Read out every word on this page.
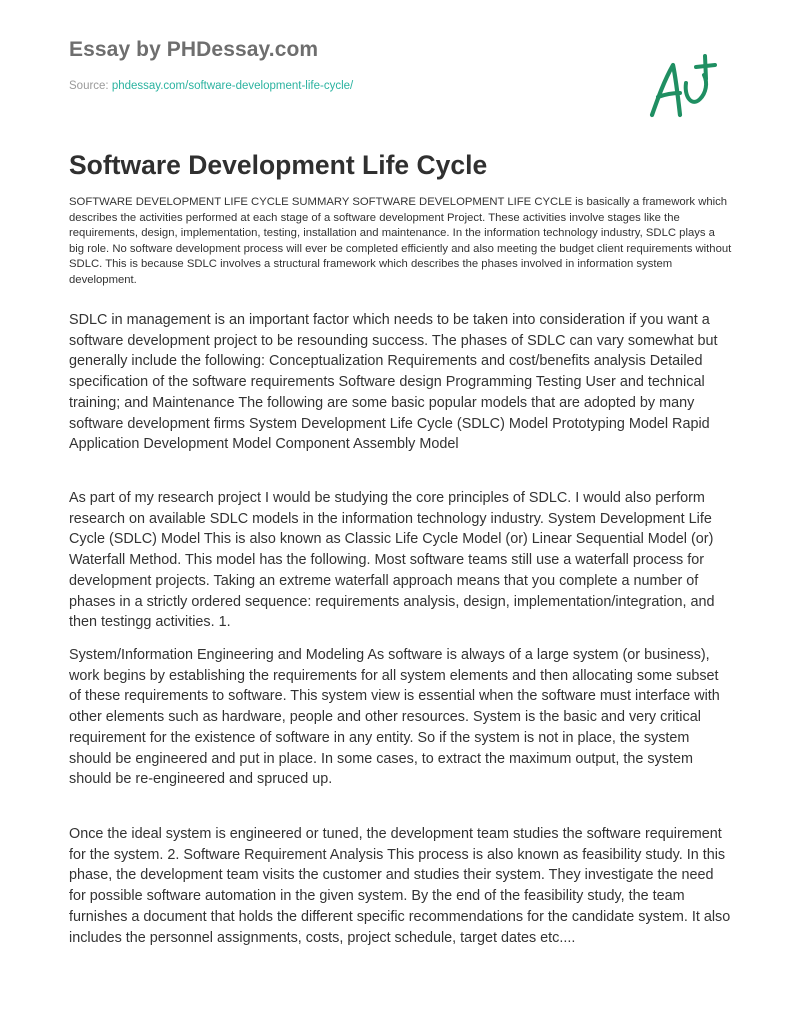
Essay by PHDessay.com
Source: phdessay.com/software-development-life-cycle/
Software Development Life Cycle

SOFTWARE DEVELOPMENT LIFE CYCLE SUMMARY SOFTWARE DEVELOPMENT LIFE CYCLE is basically a framework which describes the activities performed at each stage of a software development Project. These activities involve stages like the requirements, design, implementation, testing, installation and maintenance. In the information technology industry, SDLC plays a big role. No software development process will ever be completed efficiently and also meeting the budget client requirements without SDLC. This is because SDLC involves a structural framework which describes the phases involved in information system development.

SDLC in management is an important factor which needs to be taken into consideration if you want a software development project to be resounding success. The phases of SDLC can vary somewhat but generally include the following: Conceptualization Requirements and cost/benefits analysis Detailed specification of the software requirements Software design Programming Testing User and technical training; and Maintenance The following are some basic popular models that are adopted by many software development firms System Development Life Cycle (SDLC) Model Prototyping Model Rapid Application Development Model Component Assembly Model

As part of my research project I would be studying the core principles of SDLC. I would also perform research on available SDLC models in the information technology industry. System Development Life Cycle (SDLC) Model This is also known as Classic Life Cycle Model (or) Linear Sequential Model (or) Waterfall Method. This model has the following. Most software teams still use a waterfall process for development projects. Taking an extreme waterfall approach means that you complete a number of phases in a strictly ordered sequence: requirements analysis, design, implementation/integration, and then testingg activities. 1.

System/Information Engineering and Modeling As software is always of a large system (or business), work begins by establishing the requirements for all system elements and then allocating some subset of these requirements to software. This system view is essential when the software must interface with other elements such as hardware, people and other resources. System is the basic and very critical requirement for the existence of software in any entity. So if the system is not in place, the system should be engineered and put in place. In some cases, to extract the maximum output, the system should be re-engineered and spruced up.

Once the ideal system is engineered or tuned, the development team studies the software requirement for the system. 2. Software Requirement Analysis This process is also known as feasibility study. In this phase, the development team visits the customer and studies their system. They investigate the need for possible software automation in the given system. By the end of the feasibility study, the team furnishes a document that holds the different specific recommendations for the candidate system. It also includes the personnel assignments, costs, project schedule, target dates etc....
